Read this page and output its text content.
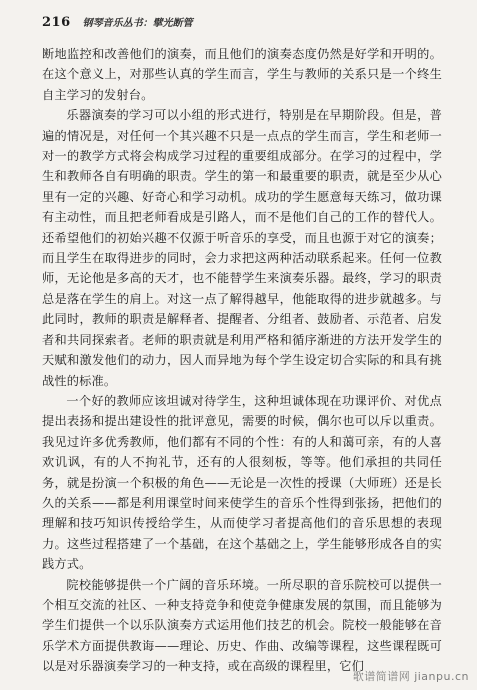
216 钢琴音乐丛书：擘光断管

断地监控和改善他们的演奏，而且他们的演奏态度仍然是好学和开明的。在这个意义上，对那些认真的学生而言，学生与教师的关系只是一个终生自主学习的发射台。

乐器演奏的学习可以小组的形式进行，特别是在早期阶段。但是，普遍的情况是，对任何一个其兴趣不只是一点点的学生而言，学生和老师一对一的教学方式将会构成学习过程的重要组成部分。在学习的过程中，学生和教师各自有明确的职责。学生的第一和最重要的职责，就是至少从心里有一定的兴趣、好奇心和学习动机。成功的学生愿意每天练习，做功课有主动性，而且把老师看成是引路人，而不是他们自己的工作的替代人。还希望他们的初始兴趣不仅源于听音乐的享受，而且也源于对它的演奏；而且学生在取得进步的同时，会力求把这两种活动联系起来。任何一位教师，无论他是多高的天才，也不能替学生来演奏乐器。最终，学习的职责总是落在学生的肩上。对这一点了解得越早，他能取得的进步就越多。与此同时，教师的职责是解释者、提醒者、分组者、鼓励者、示范者、启发者和共同探索者。老师的职责就是利用严格和循序渐进的方法开发学生的天赋和激发他们的动力，因人而异地为每个学生设定切合实际的和具有挑战性的标准。

一个好的教师应该坦诚对待学生，这种坦诚体现在功课评价、对优点提出表扬和提出建设性的批评意见，需要的时候，偶尔也可以斥以重责。我见过许多优秀教师，他们都有不同的个性：有的人和蔼可亲，有的人喜欢讥讽，有的人不拘礼节，还有的人很刻板，等等。他们承担的共同任务，就是扮演一个积极的角色——无论是一次性的授课（大师班）还是长久的关系——都是利用课堂时间来使学生的音乐个性得到张扬，把他们的理解和技巧知识传授给学生，从而使学习者提高他们的音乐思想的表现力。这些过程搭建了一个基础，在这个基础之上，学生能够形成各自的实践方式。

院校能够提供一个广阔的音乐环境。一所尽职的音乐院校可以提供一个相互交流的社区、一种支持竞争和使竞争健康发展的氛围，而且能够为学生们提供一个以乐队演奏方式运用他们技艺的机会。院校一般能够在音乐学术方面提供教诲——理论、历史、作曲、改编等课程，这些课程既可以是对乐器演奏学习的一种支持，或在高级的课程里，它们

歌谱简谱网 jianpu.cn
